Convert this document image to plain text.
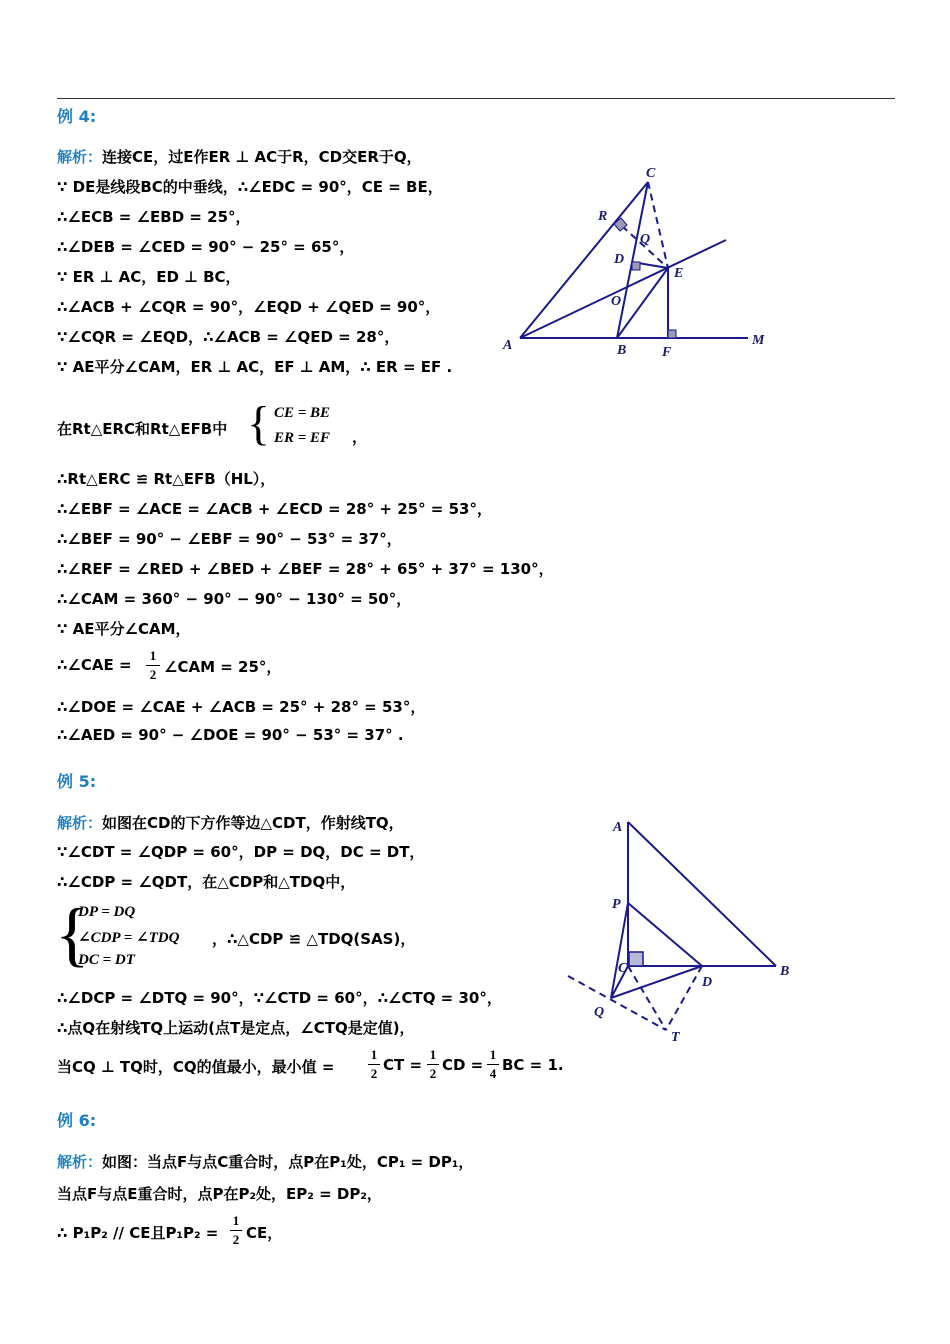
例 4:
解析：连接CE，过E作ER ⊥ AC于R，CD交ER于Q，
∵ DE是线段BC的中垂线，∴∠EDC = 90°，CE = BE，
∴∠ECB = ∠EBD = 25°，
∴∠DEB = ∠CED = 90° − 25° = 65°，
∵ ER ⊥ AC，ED ⊥ BC，
∴∠ACB + ∠CQR = 90°，∠EQD + ∠QED = 90°，
∵∠CQR = ∠EQD，∴∠ACB = ∠QED = 28°，
∵ AE平分∠CAM，ER ⊥ AC，EF ⊥ AM，∴ ER = EF .
在Rt△ERC和Rt△EFB中 { CE = BE
ER = EF ，
∴Rt△ERC ≌ Rt△EFB（HL），
∴∠EBF = ∠ACE = ∠ACB + ∠ECD = 28° + 25° = 53°，
∴∠BEF = 90° − ∠EBF = 90° − 53° = 37°，
∴∠REF = ∠RED + ∠BED + ∠BEF = 28° + 65° + 37° = 130°，
∴∠CAM = 360° − 90° − 90° − 130° = 50°，
∵ AE平分∠CAM，
∴∠CAE =
1
2 ∠CAM = 25°，
∴∠DOE = ∠CAE + ∠ACB = 25° + 28° = 53°，
∴∠AED = 90° − ∠DOE = 90° − 53° = 37° .
C
R
Q
D
E
O
A	B	F
M
例 5:
解析：如图在CD的下方作等边△CDT，作射线TQ，
∵∠CDT = ∠QDP = 60°，DP = DQ，DC = DT，
∴∠CDP = ∠QDT，在△CDP和△TDQ中，
{
DP = DQ
∠CDP = ∠TDQ
DC = DT
，∴△CDP ≌ △TDQ(SAS)，
∴∠DCP = ∠DTQ = 90°，∵∠CTD = 60°，∴∠CTQ = 30°，
∴点Q在射线TQ上运动(点T是定点，∠CTQ是定值)，
当CQ ⊥ TQ时，CQ的值最小，最小值 =
1
2 CT =
1
2 CD =
1
4 BC = 1.
A
P
C
D
B
Q
T
例 6:
解析：如图：当点F与点C重合时，点P在P₁处，CP₁ = DP₁，
当点F与点E重合时，点P在P₂处，EP₂ = DP₂，
∴ P₁P₂ // CE且P₁P₂ =
1
2 CE，
